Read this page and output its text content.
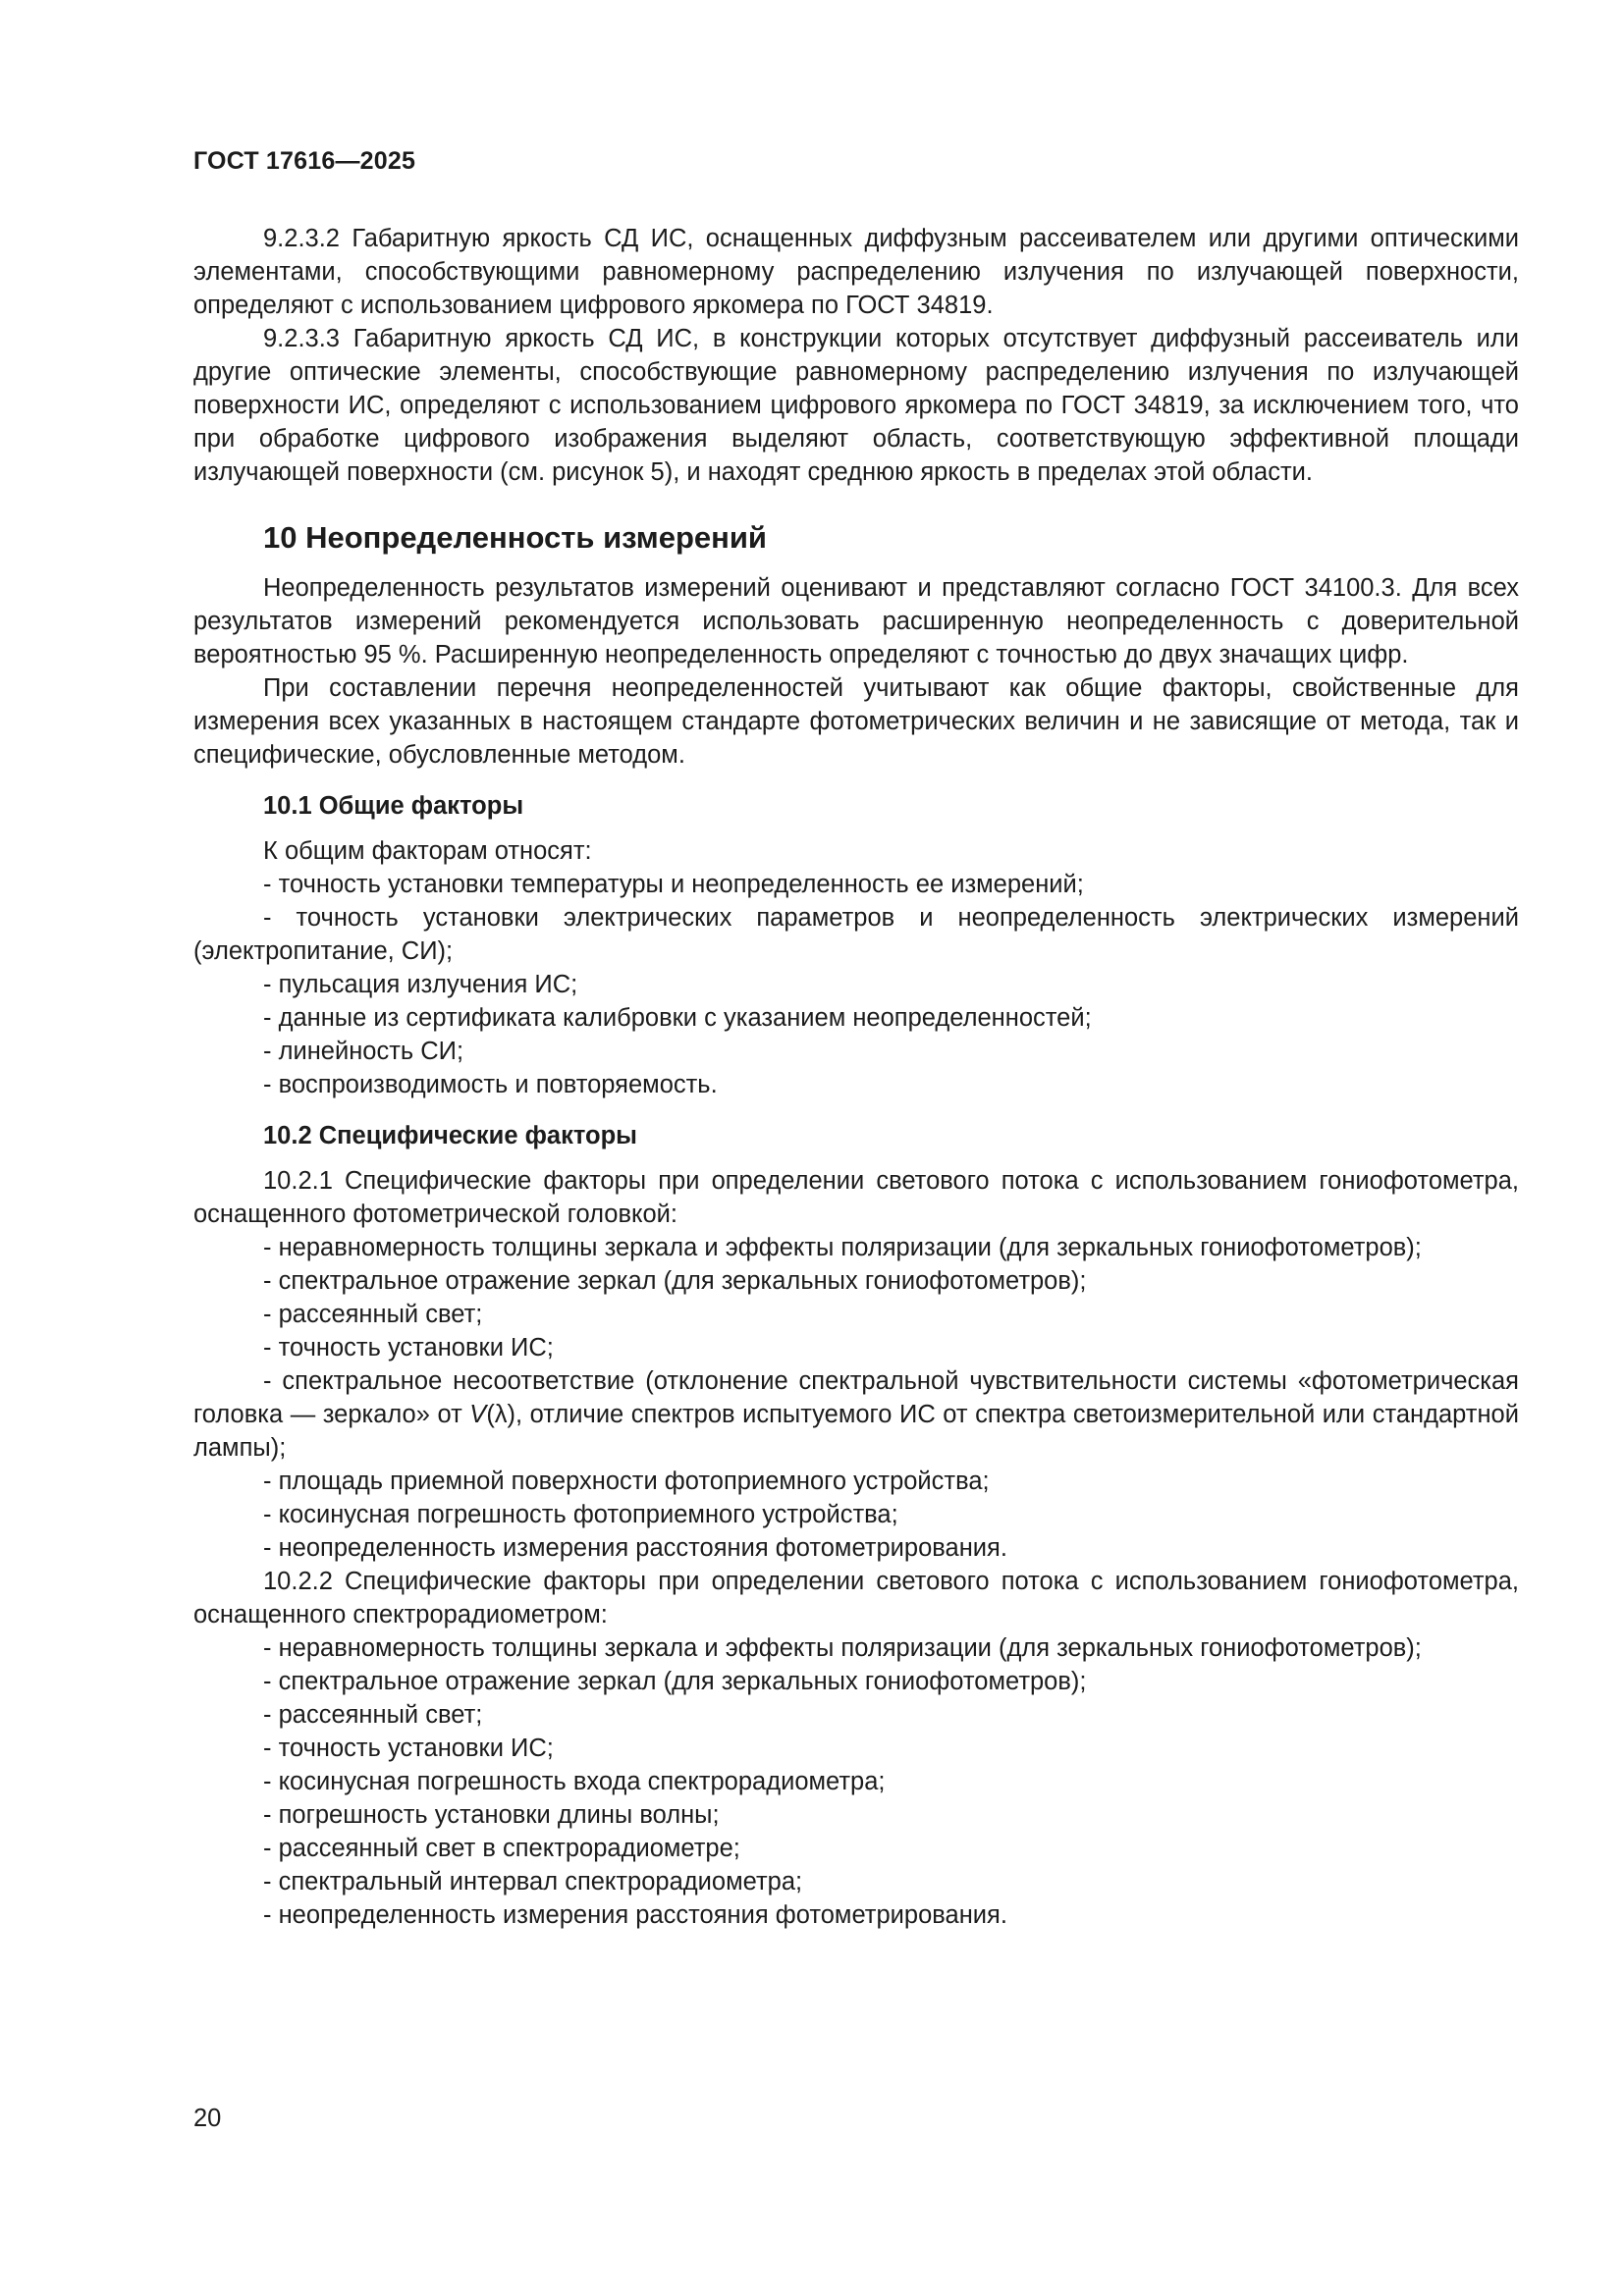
ГОСТ 17616—2025

9.2.3.2 Габаритную яркость СД ИС, оснащенных диффузным рассеивателем или другими оптическими элементами, способствующими равномерному распределению излучения по излучающей поверхности, определяют с использованием цифрового яркомера по ГОСТ 34819.

9.2.3.3 Габаритную яркость СД ИС, в конструкции которых отсутствует диффузный рассеиватель или другие оптические элементы, способствующие равномерному распределению излучения по излучающей поверхности ИС, определяют с использованием цифрового яркомера по ГОСТ 34819, за исключением того, что при обработке цифрового изображения выделяют область, соответствующую эффективной площади излучающей поверхности (см. рисунок 5), и находят среднюю яркость в пределах этой области.

10 Неопределенность измерений

Неопределенность результатов измерений оценивают и представляют согласно ГОСТ 34100.3. Для всех результатов измерений рекомендуется использовать расширенную неопределенность с доверительной вероятностью 95 %. Расширенную неопределенность определяют с точностью до двух значащих цифр.

При составлении перечня неопределенностей учитывают как общие факторы, свойственные для измерения всех указанных в настоящем стандарте фотометрических величин и не зависящие от метода, так и специфические, обусловленные методом.

10.1 Общие факторы

К общим факторам относят:

- точность установки температуры и неопределенность ее измерений;

- точность установки электрических параметров и неопределенность электрических измерений (электропитание, СИ);

- пульсация излучения ИС;

- данные из сертификата калибровки с указанием неопределенностей;

- линейность СИ;

- воспроизводимость и повторяемость.

10.2 Специфические факторы

10.2.1 Специфические факторы при определении светового потока с использованием гониофотометра, оснащенного фотометрической головкой:

- неравномерность толщины зеркала и эффекты поляризации (для зеркальных гониофотометров);

- спектральное отражение зеркал (для зеркальных гониофотометров);

- рассеянный свет;

- точность установки ИС;

- спектральное несоответствие (отклонение спектральной чувствительности системы «фотометрическая головка — зеркало» от V(λ), отличие спектров испытуемого ИС от спектра светоизмерительной или стандартной лампы);

- площадь приемной поверхности фотоприемного устройства;

- косинусная погрешность фотоприемного устройства;

- неопределенность измерения расстояния фотометрирования.

10.2.2 Специфические факторы при определении светового потока с использованием гониофотометра, оснащенного спектрорадиометром:

- неравномерность толщины зеркала и эффекты поляризации (для зеркальных гониофотометров);

- спектральное отражение зеркал (для зеркальных гониофотометров);

- рассеянный свет;

- точность установки ИС;

- косинусная погрешность входа спектрорадиометра;

- погрешность установки длины волны;

- рассеянный свет в спектрорадиометре;

- спектральный интервал спектрорадиометра;

- неопределенность измерения расстояния фотометрирования.

20
